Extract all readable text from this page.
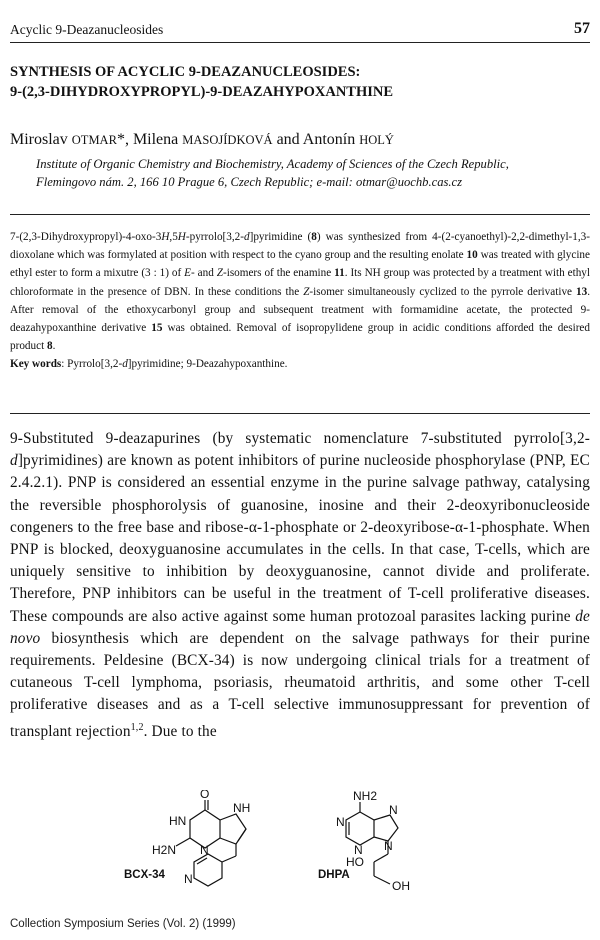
Acyclic 9-Deazanucleosides	57
SYNTHESIS OF ACYCLIC 9-DEAZANUCLEOSIDES:
9-(2,3-DIHYDROXYPROPYL)-9-DEAZAHYPOXANTHINE
Miroslav OTMAR*, Milena MASOJÍDKOVÁ and Antonín HOLÝ
Institute of Organic Chemistry and Biochemistry, Academy of Sciences of the Czech Republic,
Flemingovo nám. 2, 166 10 Prague 6, Czech Republic; e-mail: otmar@uochb.cas.cz
7-(2,3-Dihydroxypropyl)-4-oxo-3H,5H-pyrrolo[3,2-d]pyrimidine (8) was synthesized from 4-(2-cyanoethyl)-2,2-dimethyl-1,3-dioxolane which was formylated at position with respect to the cyano group and the resulting enolate 10 was treated with glycine ethyl ester to form a mixutre (3 : 1) of E- and Z-isomers of the enamine 11. Its NH group was protected by a treatment with ethyl chloroformate in the presence of DBN. In these conditions the Z-isomer simultaneously cyclized to the pyrrole derivative 13. After removal of the ethoxycarbonyl group and subsequent treatment with formamidine acetate, the protected 9-deazahypoxanthine derivative 15 was obtained. Removal of isopropylidene group in acidic conditions afforded the desired product 8.
Key words: Pyrrolo[3,2-d]pyrimidine; 9-Deazahypoxanthine.
9-Substituted 9-deazapurines (by systematic nomenclature 7-substituted pyrrolo[3,2-d]pyrimidines) are known as potent inhibitors of purine nucleoside phosphorylase (PNP, EC 2.4.2.1). PNP is considered an essential enzyme in the purine salvage pathway, catalysing the reversible phosphorolysis of guanosine, inosine and their 2-deoxyribonucleoside congeners to the free base and ribose-α-1-phosphate or 2-deoxyribose-α-1-phosphate. When PNP is blocked, deoxyguanosine accumulates in the cells. In that case, T-cells, which are uniquely sensitive to inhibition by deoxyguanosine, cannot divide and proliferate. Therefore, PNP inhibitors can be useful in the treatment of T-cell proliferative diseases. These compounds are also active against some human protozoal parasites lacking purine de novo biosynthesis which are dependent on the salvage pathways for their purine requirements. Peldesine (BCX-34) is now undergoing clinical trials for a treatment of cutaneous T-cell lymphoma, psoriasis, rheumatoid arthritis, and some other T-cell proliferative diseases and as a T-cell selective immunosuppressant for prevention of transplant rejection$^{1,2}$. Due to the
O
HN
NH
H2N N
N
BCX-34
NH2
N
N
N
N
HO
OH
DHPA
Collection Symposium Series (Vol. 2) (1999)
